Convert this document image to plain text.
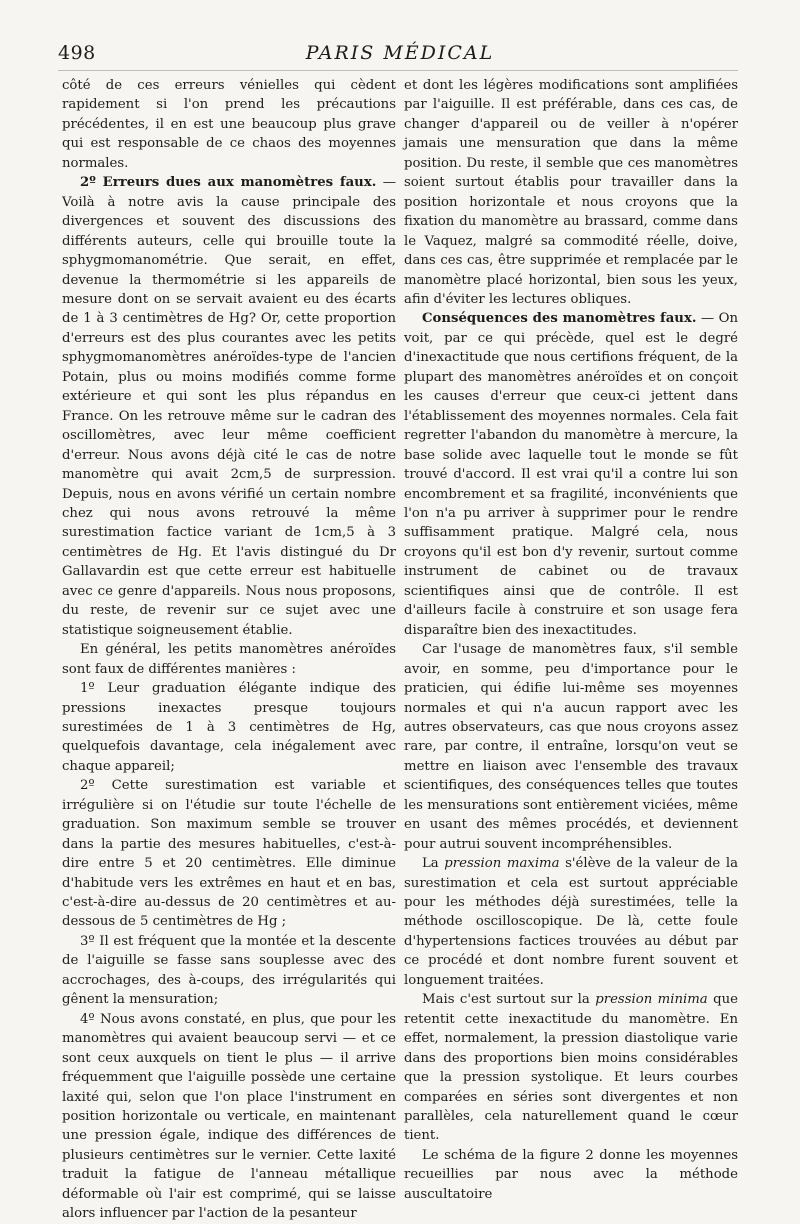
498	PARIS MÉDICAL

côté de ces erreurs vénielles qui cèdent rapidement si l'on prend les précautions précédentes, il en est une beaucoup plus grave qui est responsable de ce chaos des moyennes normales.

2º Erreurs dues aux manomètres faux. — Voilà à notre avis la cause principale des divergences et souvent des discussions des différents auteurs, celle qui brouille toute la sphygmomanométrie. Que serait, en effet, devenue la thermométrie si les appareils de mesure dont on se servait avaient eu des écarts de 1 à 3 centimètres de Hg? Or, cette proportion d'erreurs est des plus courantes avec les petits sphygmomanomètres anéroïdes-type de l'ancien Potain, plus ou moins modifiés comme forme extérieure et qui sont les plus répandus en France. On les retrouve même sur le cadran des oscillomètres, avec leur même coefficient d'erreur. Nous avons déjà cité le cas de notre manomètre qui avait 2cm,5 de surpression. Depuis, nous en avons vérifié un certain nombre chez qui nous avons retrouvé la même surestimation factice variant de 1cm,5 à 3 centimètres de Hg. Et l'avis distingué du Dr Gallavardin est que cette erreur est habituelle avec ce genre d'appareils. Nous nous proposons, du reste, de revenir sur ce sujet avec une statistique soigneusement établie.

En général, les petits manomètres anéroïdes sont faux de différentes manières :

1º Leur graduation élégante indique des pressions inexactes presque toujours surestimées de 1 à 3 centimètres de Hg, quelquefois davantage, cela inégalement avec chaque appareil;

2º Cette surestimation est variable et irrégulière si on l'étudie sur toute l'échelle de graduation. Son maximum semble se trouver dans la partie des mesures habituelles, c'est-à-dire entre 5 et 20 centimètres. Elle diminue d'habitude vers les extrêmes en haut et en bas, c'est-à-dire au-dessus de 20 centimètres et au-dessous de 5 centimètres de Hg ;

3º Il est fréquent que la montée et la descente de l'aiguille se fasse sans souplesse avec des accrochages, des à-coups, des irrégularités qui gênent la mensuration;

4º Nous avons constaté, en plus, que pour les manomètres qui avaient beaucoup servi — et ce sont ceux auxquels on tient le plus — il arrive fréquemment que l'aiguille possède une certaine laxité qui, selon que l'on place l'instrument en position horizontale ou verticale, en maintenant une pression égale, indique des différences de plusieurs centimètres sur le vernier. Cette laxité traduit la fatigue de l'anneau métallique déformable où l'air est comprimé, qui se laisse alors influencer par l'action de la pesanteur

et dont les légères modifications sont amplifiées par l'aiguille. Il est préférable, dans ces cas, de changer d'appareil ou de veiller à n'opérer jamais une mensuration que dans la même position. Du reste, il semble que ces manomètres soient surtout établis pour travailler dans la position horizontale et nous croyons que la fixation du manomètre au brassard, comme dans le Vaquez, malgré sa commodité réelle, doive, dans ces cas, être supprimée et remplacée par le manomètre placé horizontal, bien sous les yeux, afin d'éviter les lectures obliques.

Conséquences des manomètres faux. — On voit, par ce qui précède, quel est le degré d'inexactitude que nous certifions fréquent, de la plupart des manomètres anéroïdes et on conçoit les causes d'erreur que ceux-ci jettent dans l'établissement des moyennes normales. Cela fait regretter l'abandon du manomètre à mercure, la base solide avec laquelle tout le monde se fût trouvé d'accord. Il est vrai qu'il a contre lui son encombrement et sa fragilité, inconvénients que l'on n'a pu arriver à supprimer pour le rendre suffisamment pratique. Malgré cela, nous croyons qu'il est bon d'y revenir, surtout comme instrument de cabinet ou de travaux scientifiques ainsi que de contrôle. Il est d'ailleurs facile à construire et son usage fera disparaître bien des inexactitudes.

Car l'usage de manomètres faux, s'il semble avoir, en somme, peu d'importance pour le praticien, qui édifie lui-même ses moyennes normales et qui n'a aucun rapport avec les autres observateurs, cas que nous croyons assez rare, par contre, il entraîne, lorsqu'on veut se mettre en liaison avec l'ensemble des travaux scientifiques, des conséquences telles que toutes les mensurations sont entièrement viciées, même en usant des mêmes procédés, et deviennent pour autrui souvent incompréhensibles.

La pression maxima s'élève de la valeur de la surestimation et cela est surtout appréciable pour les méthodes déjà surestimées, telle la méthode oscilloscopique. De là, cette foule d'hypertensions factices trouvées au début par ce procédé et dont nombre furent souvent et longuement traitées.

Mais c'est surtout sur la pression minima que retentit cette inexactitude du manomètre. En effet, normalement, la pression diastolique varie dans des proportions bien moins considérables que la pression systolique. Et leurs courbes comparées en séries sont divergentes et non parallèles, cela naturellement quand le cœur tient.

Le schéma de la figure 2 donne les moyennes recueillies par nous avec la méthode auscultatoire
